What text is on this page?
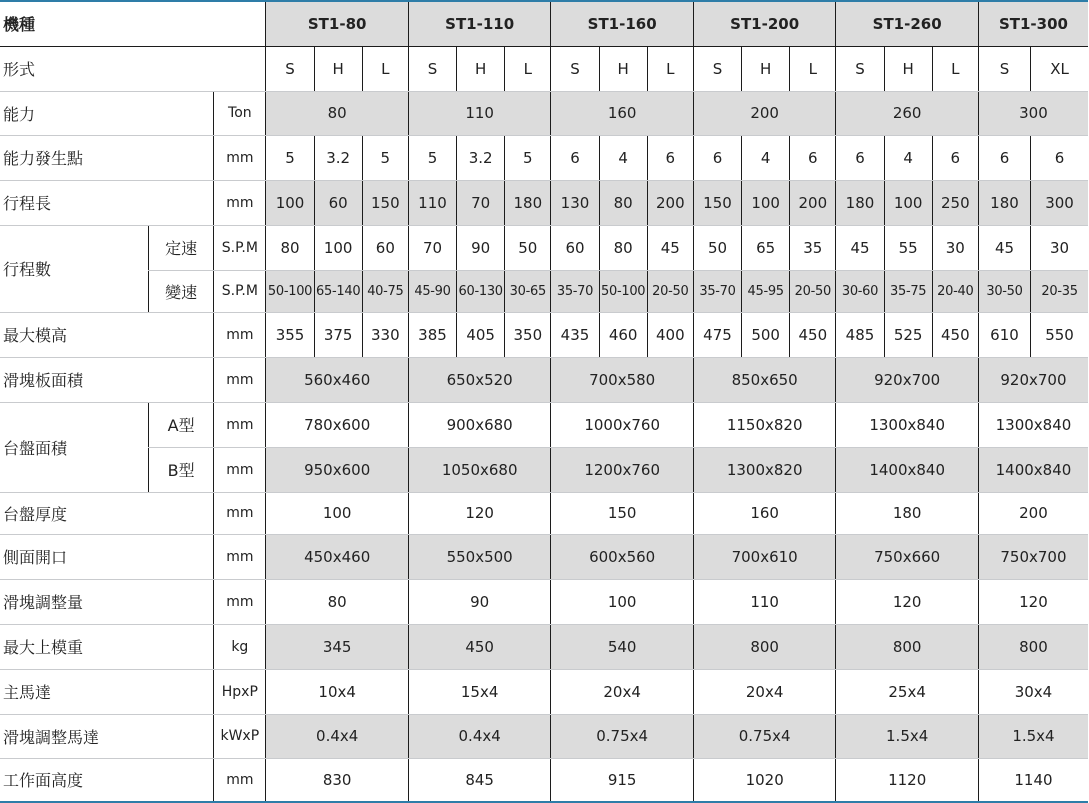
機種			ST1-80			ST1-110			ST1-160			ST1-200			ST1-260			ST1-300	
形式			S	H	L	S	H	L	S	H	L	S	H	L	S	H	L	S	XL
能力		Ton	80			110			160			200			260			300	
能力發生點		mm	5	3.2	5	5	3.2	5	6	4	6	6	4	6	6	4	6	6	6
行程長		mm	100	60	150	110	70	180	130	80	200	150	100	200	180	100	250	180	300
行程數	定速	S.P.M	80	100	60	70	90	50	60	80	45	50	65	35	45	55	30	45	30
	變速	S.P.M	50-100	65-140	40-75	45-90	60-130	30-65	35-70	50-100	20-50	35-70	45-95	20-50	30-60	35-75	20-40	30-50	20-35
最大模高		mm	355	375	330	385	405	350	435	460	400	475	500	450	485	525	450	610	550
滑塊板面積		mm	560x460			650x520			700x580			850x650			920x700			920x700	
台盤面積	A型	mm	780x600			900x680			1000x760			1150x820			1300x840			1300x840	
	B型	mm	950x600			1050x680			1200x760			1300x820			1400x840			1400x840	
台盤厚度		mm	100			120			150			160			180			200	
側面開口		mm	450x460			550x500			600x560			700x610			750x660			750x700	
滑塊調整量		mm	80			90			100			110			120			120	
最大上模重		kg	345			450			540			800			800			800	
主馬達		HpxP	10x4			15x4			20x4			20x4			25x4			30x4	
滑塊調整馬達		kWxP	0.4x4			0.4x4			0.75x4			0.75x4			1.5x4			1.5x4	
工作面高度		mm	830			845			915			1020			1120			1140	
